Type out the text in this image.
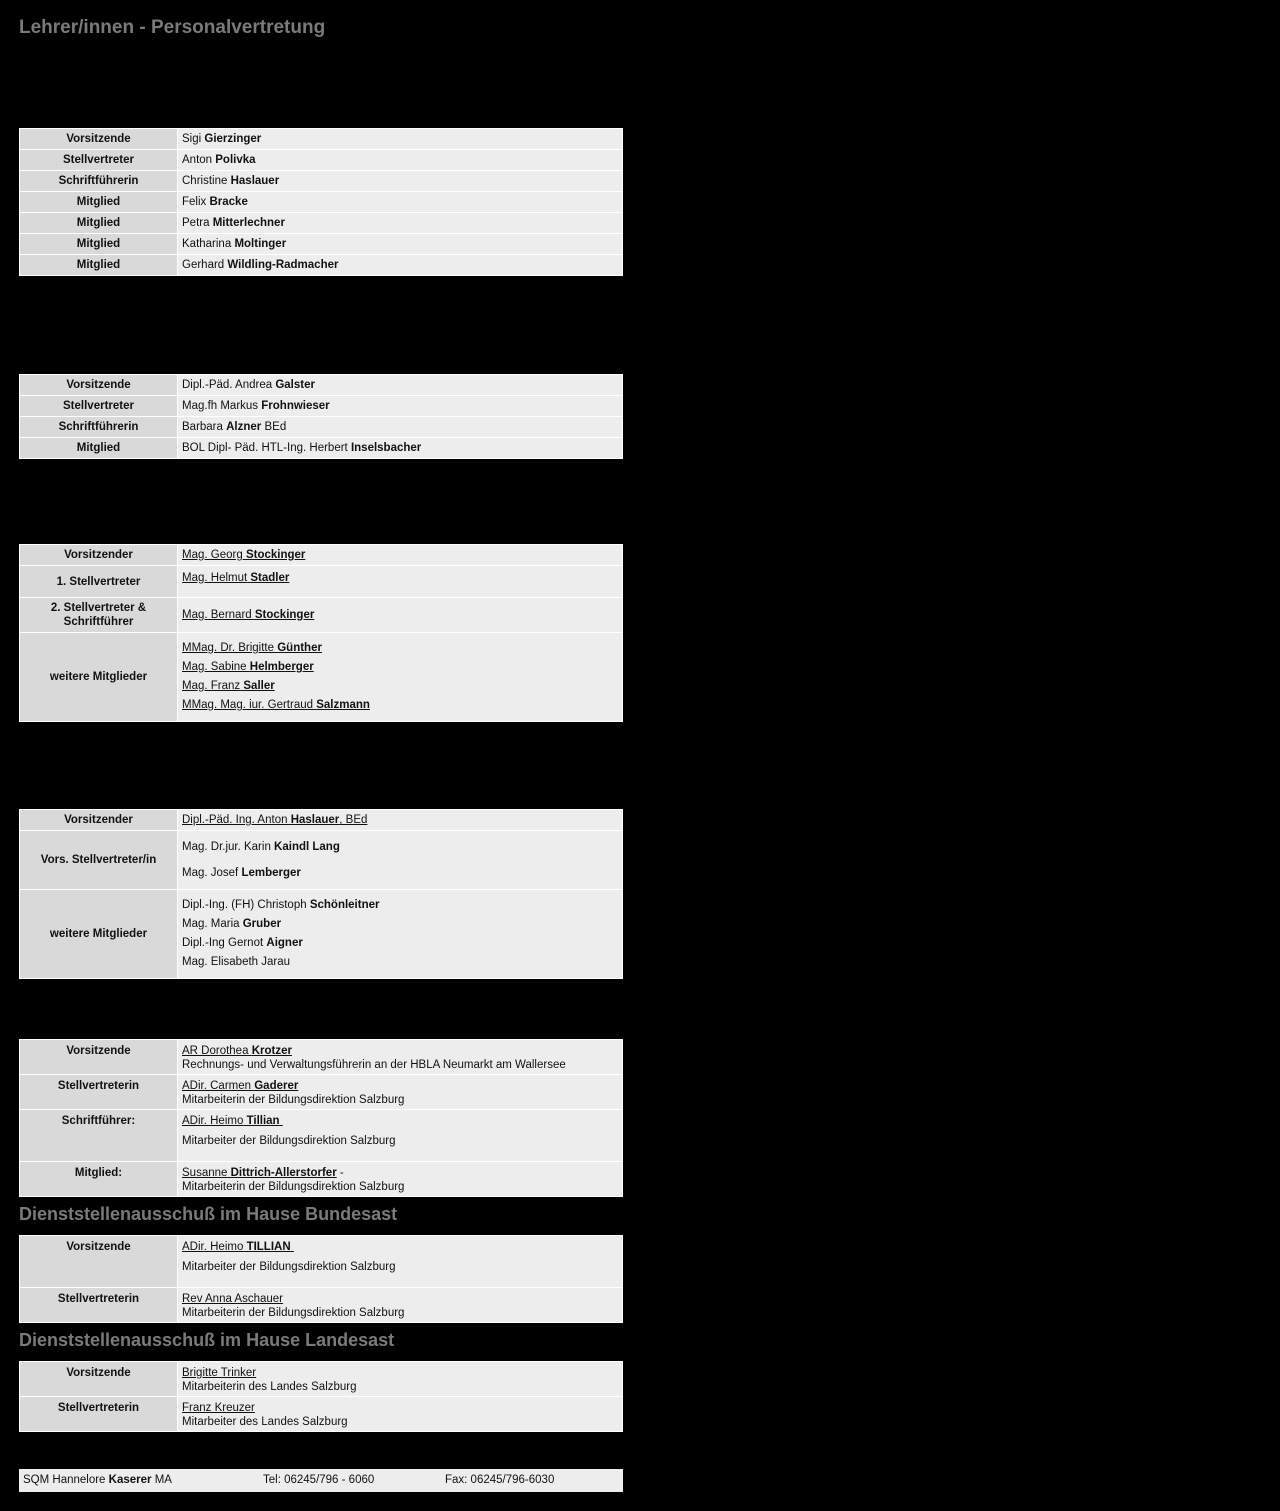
Lehrer/innen - Personalvertretung
Vorsitzende	Sigi Gierzinger
Stellvertreter	Anton Polivka
Schriftführerin	Christine Haslauer
Mitglied	Felix Bracke
Mitglied	Petra Mitterlechner
Mitglied	Katharina Moltinger
Mitglied	Gerhard Wildling-Radmacher
Vorsitzende	Dipl.-Päd. Andrea Galster
Stellvertreter	Mag.fh Markus Frohnwieser
Schriftführerin	Barbara Alzner BEd
Mitglied	BOL Dipl- Päd. HTL-Ing. Herbert Inselsbacher
Vorsitzender	Mag. Georg Stockinger
1. Stellvertreter	Mag. Helmut Stadler

2. Stellvertreter &
Schriftführer	Mag. Bernard Stockinger
weitere Mitglieder	MMag. Dr. Brigitte Günther
Mag. Sabine Helmberger
Mag. Franz Saller
MMag. Mag. iur. Gertraud Salzmann
Vorsitzender	Dipl.-Päd. Ing. Anton Haslauer, BEd
Vors. Stellvertreter/in	Mag. Dr.jur. Karin Kaindl Lang
Mag. Josef Lemberger

weitere Mitglieder	Dipl.-Ing. (FH) Christoph Schönleitner
Mag. Maria Gruber
Dipl.-Ing Gernot Aigner
Mag. Elisabeth Jarau
Vorsitzende	AR Dorothea Krotzer
Rechnungs- und Verwaltungsführerin an der HBLA Neumarkt am Wallersee

Stellvertreterin	ADir. Carmen Gaderer
Mitarbeiterin der Bildungsdirektion Salzburg

Schriftführer:	ADir. Heimo Tillian
Mitarbeiter der Bildungsdirektion Salzburg

Mitglied:	Susanne Dittrich-Allerstorfer -
Mitarbeiterin der Bildungsdirektion Salzburg
Dienststellenausschuß im Hause Bundesast
Vorsitzende	ADir. Heimo TILLIAN
Mitarbeiter der Bildungsdirektion Salzburg

Stellvertreterin	Rev Anna Aschauer
Mitarbeiterin der Bildungsdirektion Salzburg
Dienststellenausschuß im Hause Landesast
Vorsitzende	Brigitte Trinker
Mitarbeiterin des Landes Salzburg

Stellvertreterin	Franz Kreuzer
Mitarbeiter des Landes Salzburg
SQM Hannelore Kaserer MA	Tel: 06245/796 - 6060	Fax: 06245/796-6030
